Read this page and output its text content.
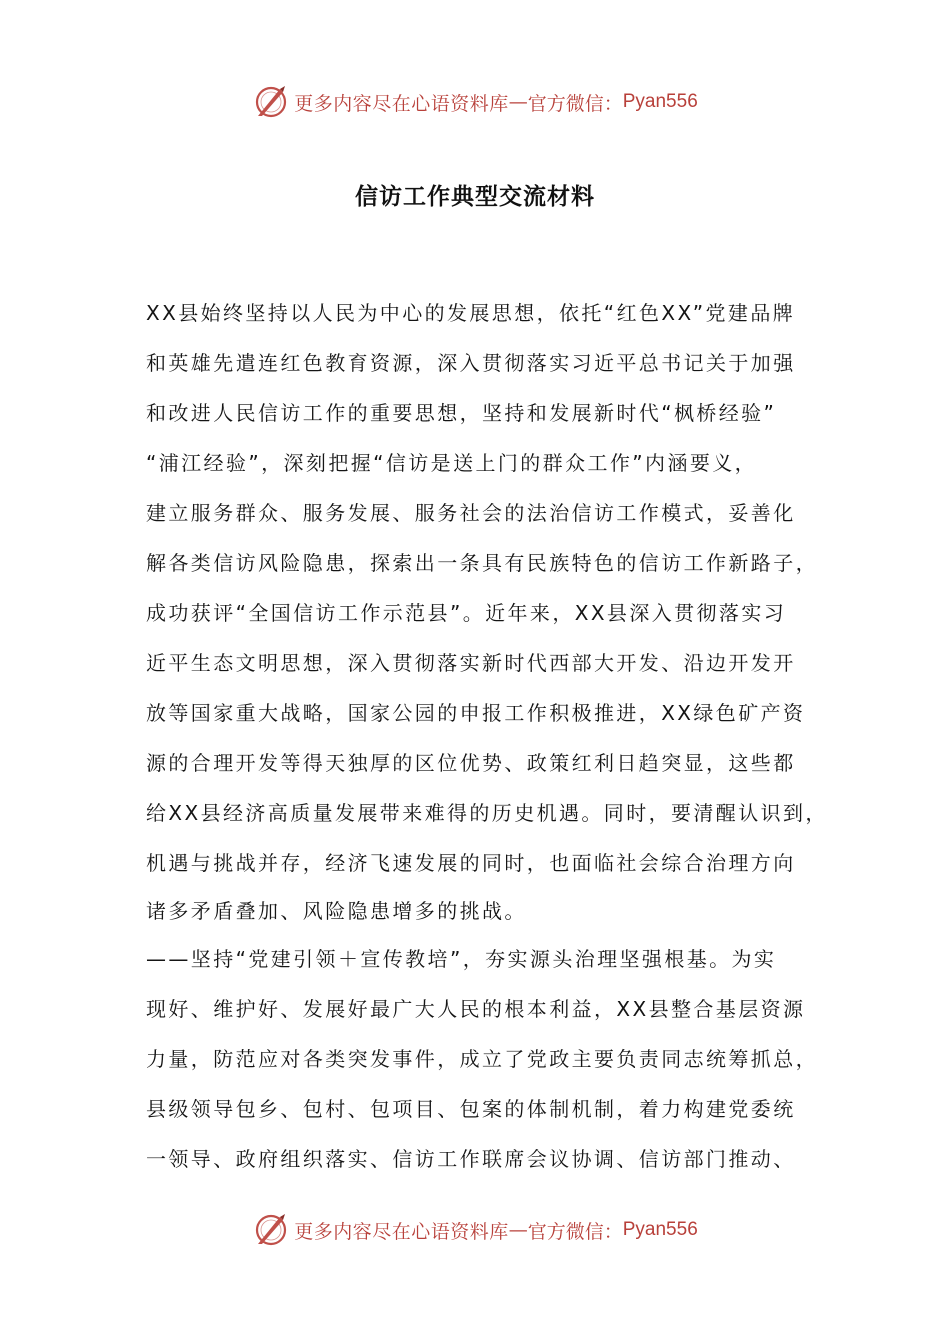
更多内容尽在心语资料库 — 官方微信： Pyan556
信访工作典型交流材料
XX县始终坚持以人民为中心的发展思想，依托“红色XX”党建品牌
和英雄先遣连红色教育资源，深入贯彻落实习近平总书记关于加强
和改进人民信访工作的重要思想，坚持和发展新时代“枫桥经验”
“浦江经验”，深刻把握“信访是送上门的群众工作”内涵要义，
建立服务群众、服务发展、服务社会的法治信访工作模式，妥善化
解各类信访风险隐患，探索出一条具有民族特色的信访工作新路子，
成功获评“全国信访工作示范县”。近年来，XX县深入贯彻落实习
近平生态文明思想，深入贯彻落实新时代西部大开发、沿边开发开
放等国家重大战略，国家公园的申报工作积极推进，XX绿色矿产资
源的合理开发等得天独厚的区位优势、政策红利日趋突显，这些都
给XX县经济高质量发展带来难得的历史机遇。同时，要清醒认识到，
机遇与挑战并存，经济飞速发展的同时，也面临社会综合治理方向
诸多矛盾叠加、风险隐患增多的挑战。
——坚持“党建引领＋宣传教培”，夯实源头治理坚强根基。为实
现好、维护好、发展好最广大人民的根本利益，XX县整合基层资源
力量，防范应对各类突发事件，成立了党政主要负责同志统筹抓总，
县级领导包乡、包村、包项目、包案的体制机制，着力构建党委统
一领导、政府组织落实、信访工作联席会议协调、信访部门推动、
更多内容尽在心语资料库 — 官方微信： Pyan556
